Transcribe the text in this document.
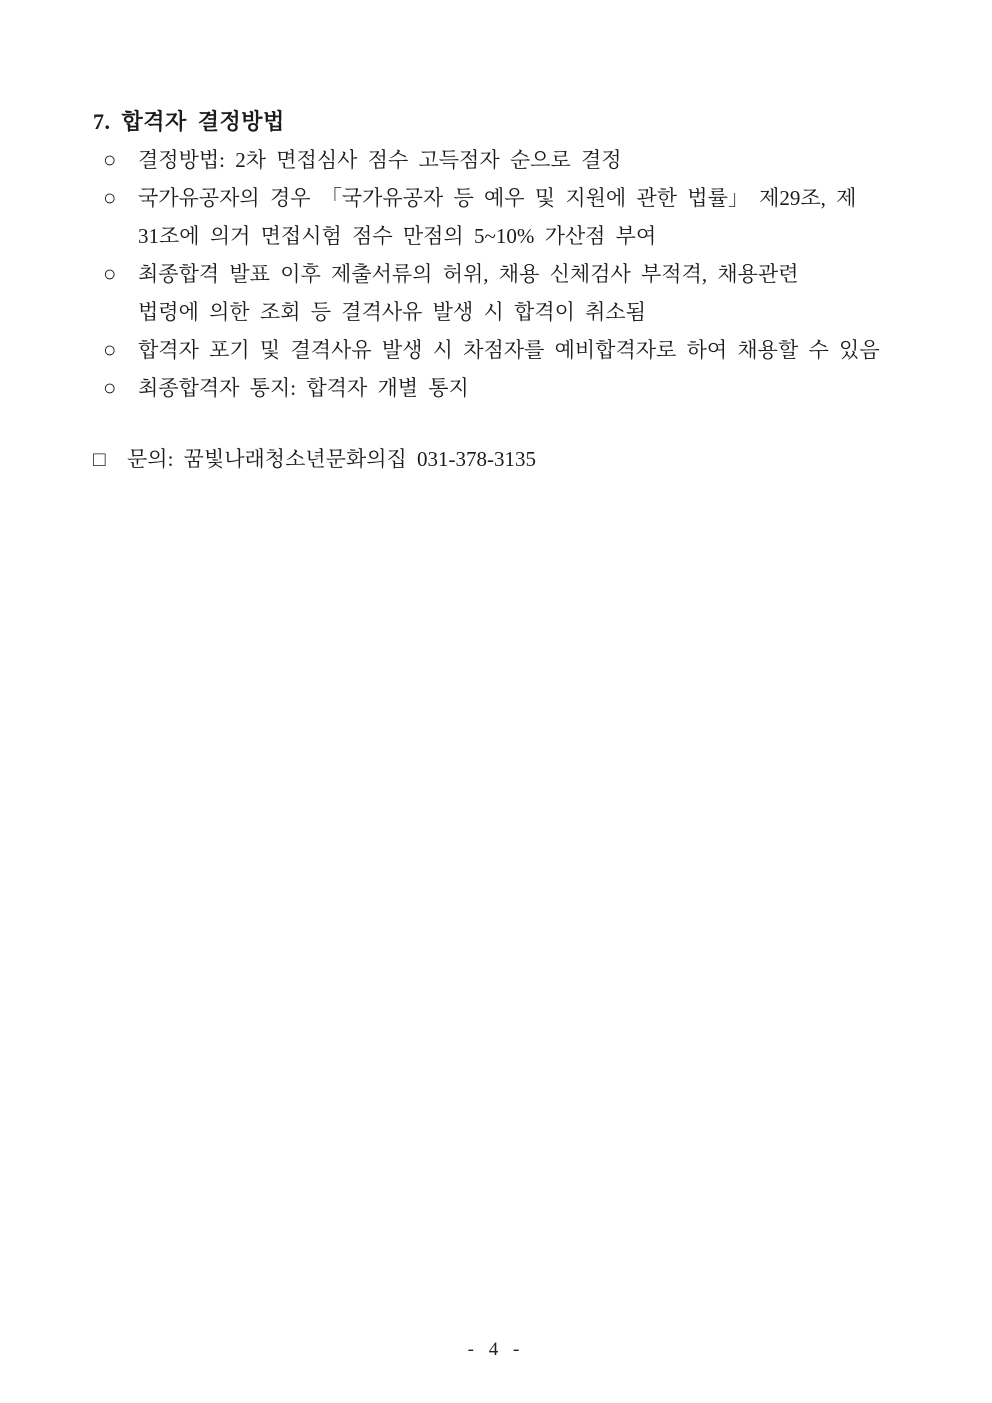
7. 합격자 결정방법
○ 결정방법: 2차 면접심사 점수 고득점자 순으로 결정
○ 국가유공자의 경우 「국가유공자 등 예우 및 지원에 관한 법률」 제29조, 제
31조에 의거 면접시험 점수 만점의 5~10% 가산점 부여
○ 최종합격 발표 이후 제출서류의 허위, 채용 신체검사 부적격, 채용관련
법령에 의한 조회 등 결격사유 발생 시 합격이 취소됨
○ 합격자 포기 및 결격사유 발생 시 차점자를 예비합격자로 하여 채용할 수 있음
○ 최종합격자 통지: 합격자 개별 통지
□ 문의: 꿈빛나래청소년문화의집 031-378-3135
- 4 -
